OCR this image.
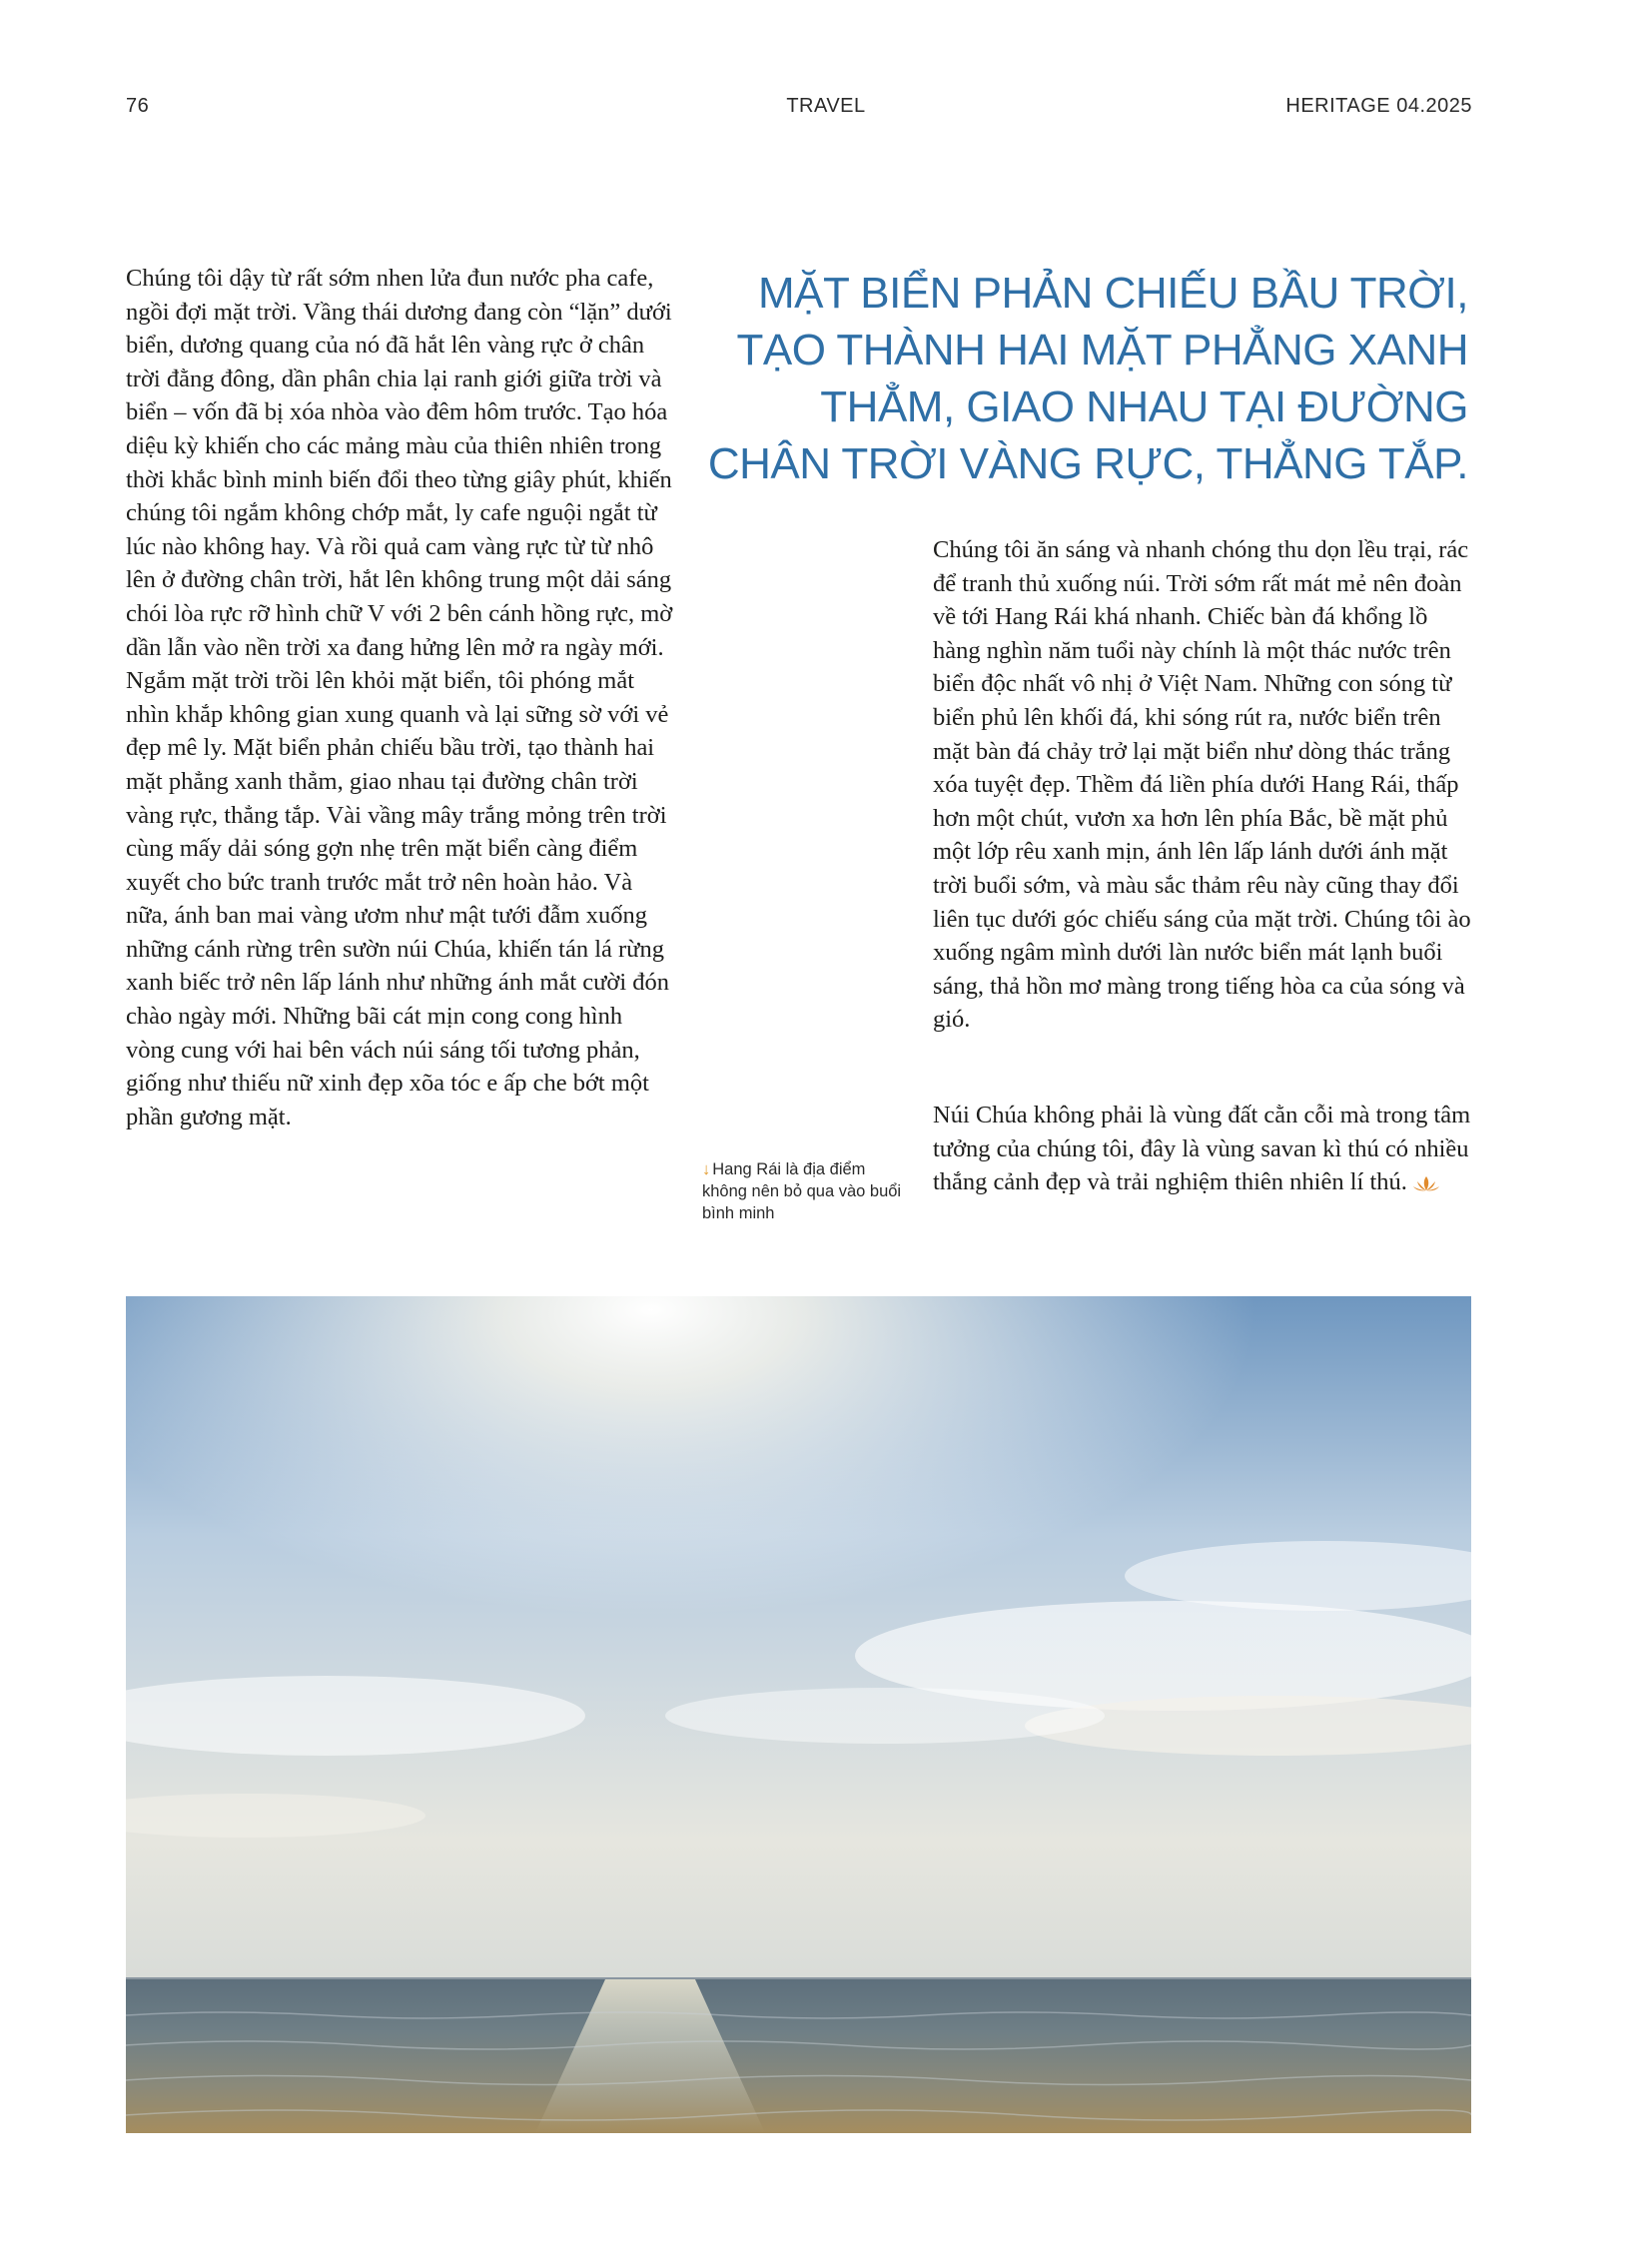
76	TRAVEL	HERITAGE 04.2025

Chúng tôi dậy từ rất sớm nhen lửa đun nước pha cafe, ngồi đợi mặt trời. Vầng thái dương đang còn “lặn” dưới biển, dương quang của nó đã hắt lên vàng rực ở chân trời đằng đông, dần phân chia lại ranh giới giữa trời và biển – vốn đã bị xóa nhòa vào đêm hôm trước. Tạo hóa diệu kỳ khiến cho các mảng màu của thiên nhiên trong thời khắc bình minh biến đổi theo từng giây phút, khiến chúng tôi ngắm không chớp mắt, ly cafe nguội ngắt từ lúc nào không hay. Và rồi quả cam vàng rực từ từ nhô lên ở đường chân trời, hắt lên không trung một dải sáng chói lòa rực rỡ hình chữ V với 2 bên cánh hồng rực, mờ dần lẫn vào nền trời xa đang hửng lên mở ra ngày mới. Ngắm mặt trời trồi lên khỏi mặt biển, tôi phóng mắt nhìn khắp không gian xung quanh và lại sững sờ với vẻ đẹp mê ly. Mặt biển phản chiếu bầu trời, tạo thành hai mặt phẳng xanh thẳm, giao nhau tại đường chân trời vàng rực, thẳng tắp. Vài vầng mây trắng mỏng trên trời cùng mấy dải sóng gợn nhẹ trên mặt biển càng điểm xuyết cho bức tranh trước mắt trở nên hoàn hảo. Và nữa, ánh ban mai vàng ươm như mật tưới đẫm xuống những cánh rừng trên sườn núi Chúa, khiến tán lá rừng xanh biếc trở nên lấp lánh như những ánh mắt cười đón chào ngày mới. Những bãi cát mịn cong cong hình vòng cung với hai bên vách núi sáng tối tương phản, giống như thiếu nữ xinh đẹp xõa tóc e ấp che bớt một phần gương mặt.

MẶT BIỂN PHẢN CHIẾU BẦU TRỜI, TẠO THÀNH HAI MẶT PHẲNG XANH THẲM, GIAO NHAU TẠI ĐƯỜNG CHÂN TRỜI VÀNG RỰC, THẲNG TẮP.

Chúng tôi ăn sáng và nhanh chóng thu dọn lều trại, rác để tranh thủ xuống núi. Trời sớm rất mát mẻ nên đoàn về tới Hang Rái khá nhanh. Chiếc bàn đá khổng lồ hàng nghìn năm tuổi này chính là một thác nước trên biển độc nhất vô nhị ở Việt Nam. Những con sóng từ biển phủ lên khối đá, khi sóng rút ra, nước biển trên mặt bàn đá chảy trở lại mặt biển như dòng thác trắng xóa tuyệt đẹp. Thềm đá liền phía dưới Hang Rái, thấp hơn một chút, vươn xa hơn lên phía Bắc, bề mặt phủ một lớp rêu xanh mịn, ánh lên lấp lánh dưới ánh mặt trời buổi sớm, và màu sắc thảm rêu này cũng thay đổi liên tục dưới góc chiếu sáng của mặt trời. Chúng tôi ào xuống ngâm mình dưới làn nước biển mát lạnh buổi sáng, thả hồn mơ màng trong tiếng hòa ca của sóng và gió.

Núi Chúa không phải là vùng đất cằn cỗi mà trong tâm tưởng của chúng tôi, đây là vùng savan kì thú có nhiều thắng cảnh đẹp và trải nghiệm thiên nhiên lí thú.

↓ Hang Rái là địa điểm không nên bỏ qua vào buổi bình minh
